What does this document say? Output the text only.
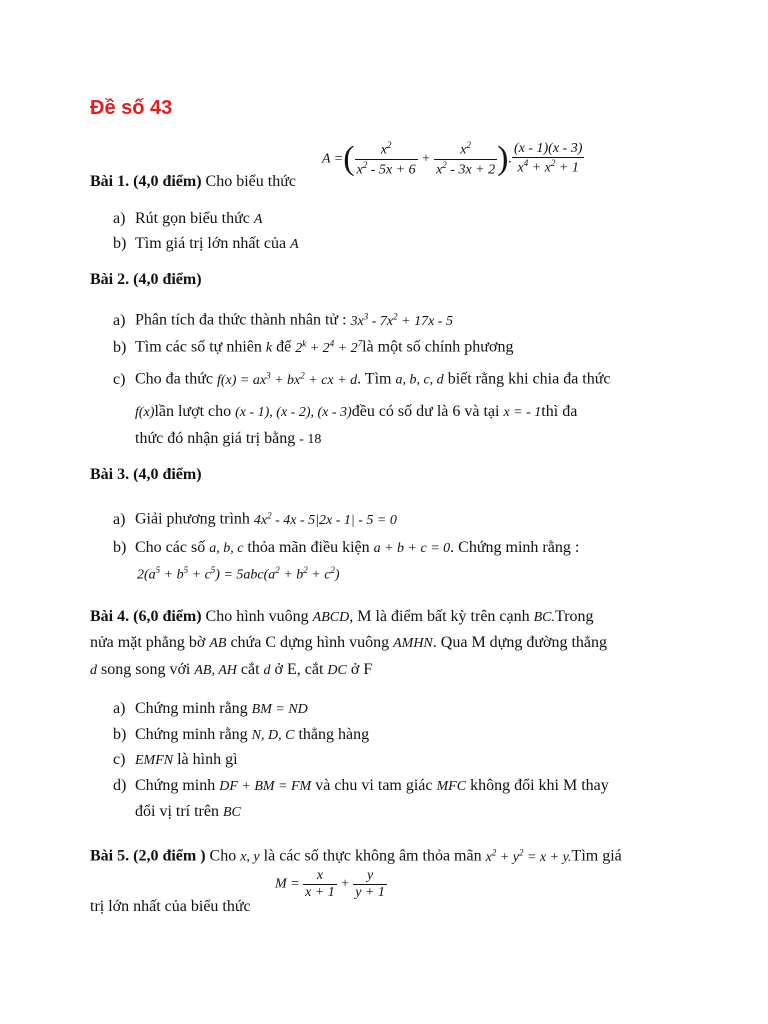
Đề số 43
Bài 1. (4,0 điểm) Cho biểu thức
A =( $\frac{x^2}{x^2 - 5x + 6} + \frac{x^2}{x^2 - 3x + 2}$ ). $\frac{(x - 1)(x - 3)}{x^4 + x^2 + 1}$
a) Rút gọn biểu thức A
b) Tìm giá trị lớn nhất của A
Bài 2. (4,0 điểm)
a) Phân tích đa thức thành nhân tử : $3x^3 - 7x^2 + 17x - 5$
b) Tìm các số tự nhiên k để $2^k + 2^4$ + $2^7là$ một số chính phương
c) Cho đa thức $f(x) = ax^3 + bx^2$ + cx + d. Tìm a, b, c, d biết rằng khi chia đa thức
f(x)lần lượt cho (x - 1), (x - 2), (x - 3)đều có số dư là 6 và tại x = - 1thì đa
thức đó nhận giá trị bằng - 18
Bài 3. (4,0 điểm)
a) Giải phương trình $4x^2 - 4x - 5|2x - 1| - 5 = 0$
b) Cho các số a, b, c thỏa mãn điều kiện a + b + c = 0. Chứng minh rằng :
$2(a^5 + b^5 + c^5) = 5abc(a^2 + b^2 + c^2)$
Bài 4. (6,0 điểm) Cho hình vuông ABCD, M là điểm bất kỳ trên cạnh BC.Trong
nửa mặt phẳng bờ AB chứa C dựng hình vuông AMHN. Qua M dựng đường thẳng
d song song với AB, AH cắt d ở E, cắt DC ở F
a) Chứng minh rằng BM = ND
b) Chứng minh rằng N, D, C thẳng hàng
c) EMFN là hình gì
d) Chứng minh DF + BM = FM và chu vi tam giác MFC không đổi khi M thay
đổi vị trí trên BC
Bài 5. (2,0 điểm ) Cho x, y là các số thực không âm thỏa mãn $x^2 + y^2 = x$ + y.Tìm giá
trị lớn nhất của biểu thức
$M = \frac{x}{x + 1} + \frac{y}{y + 1}$
